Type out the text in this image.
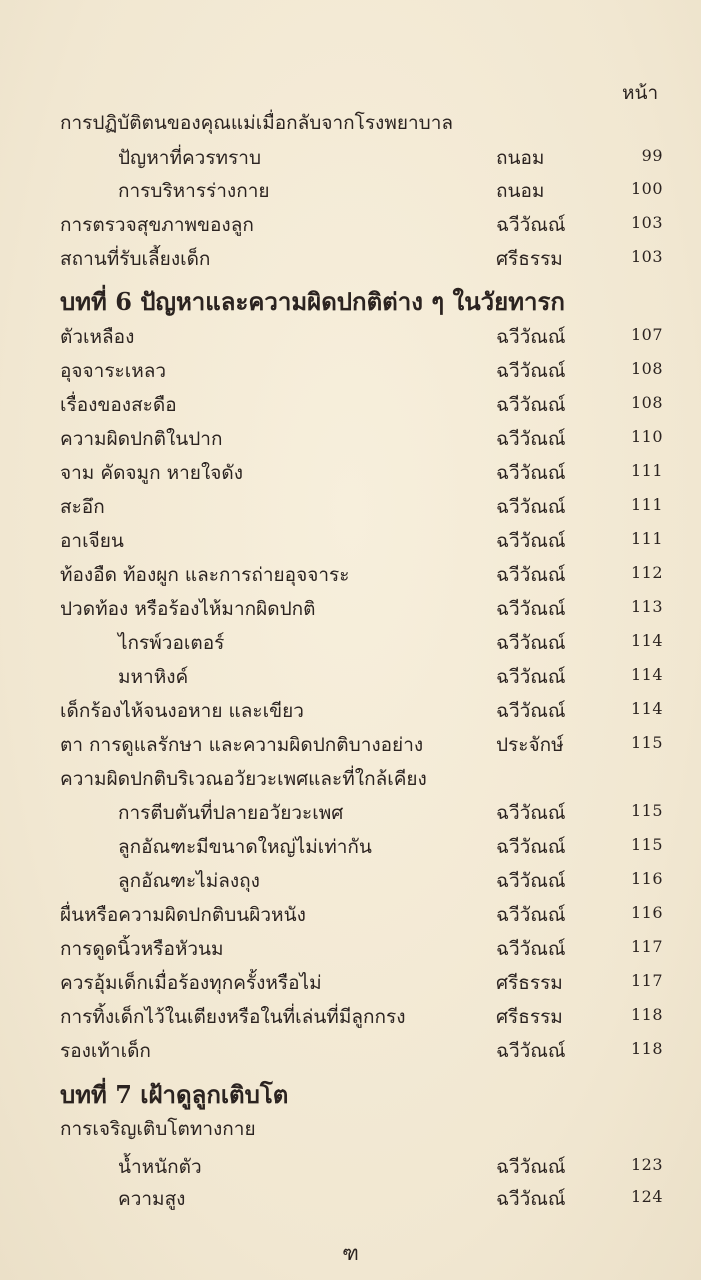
หน้า
การปฏิบัติตนของคุณแม่เมื่อกลับจากโรงพยาบาล
ปัญหาที่ควรทราบ	ถนอม	99
การบริหารร่างกาย	ถนอม	100
การตรวจสุขภาพของลูก	ฉวีวัณณ์	103
สถานที่รับเลี้ยงเด็ก	ศรีธรรม	103
บทที่ 6 ปัญหาและความผิดปกติต่าง ๆ ในวัยทารก
ตัวเหลือง	ฉวีวัณณ์	107
อุจจาระเหลว	ฉวีวัณณ์	108
เรื่องของสะดือ	ฉวีวัณณ์	108
ความผิดปกติในปาก	ฉวีวัณณ์	110
จาม คัดจมูก หายใจดัง	ฉวีวัณณ์	111
สะอึก	ฉวีวัณณ์	111
อาเจียน	ฉวีวัณณ์	111
ท้องอืด ท้องผูก และการถ่ายอุจจาระ	ฉวีวัณณ์	112
ปวดท้อง หรือร้องไห้มากผิดปกติ	ฉวีวัณณ์	113
ไกรพ์วอเตอร์	ฉวีวัณณ์	114
มหาหิงค์	ฉวีวัณณ์	114
เด็กร้องไห้จนงอหาย และเขียว	ฉวีวัณณ์	114
ตา การดูแลรักษา และความผิดปกติบางอย่าง	ประจักษ์	115
ความผิดปกติบริเวณอวัยวะเพศและที่ใกล้เคียง
การตีบตันที่ปลายอวัยวะเพศ	ฉวีวัณณ์	115
ลูกอัณฑะมีขนาดใหญ่ไม่เท่ากัน	ฉวีวัณณ์	115
ลูกอัณฑะไม่ลงถุง	ฉวีวัณณ์	116
ผื่นหรือความผิดปกติบนผิวหนัง	ฉวีวัณณ์	116
การดูดนิ้วหรือหัวนม	ฉวีวัณณ์	117
ควรอุ้มเด็กเมื่อร้องทุกครั้งหรือไม่	ศรีธรรม	117
การทิ้งเด็กไว้ในเตียงหรือในที่เล่นที่มีลูกกรง	ศรีธรรม	118
รองเท้าเด็ก	ฉวีวัณณ์	118
บทที่ 7 เฝ้าดูลูกเติบโต
การเจริญเติบโตทางกาย
น้ำหนักตัว	ฉวีวัณณ์	123
ความสูง	ฉวีวัณณ์	124
ฑ
